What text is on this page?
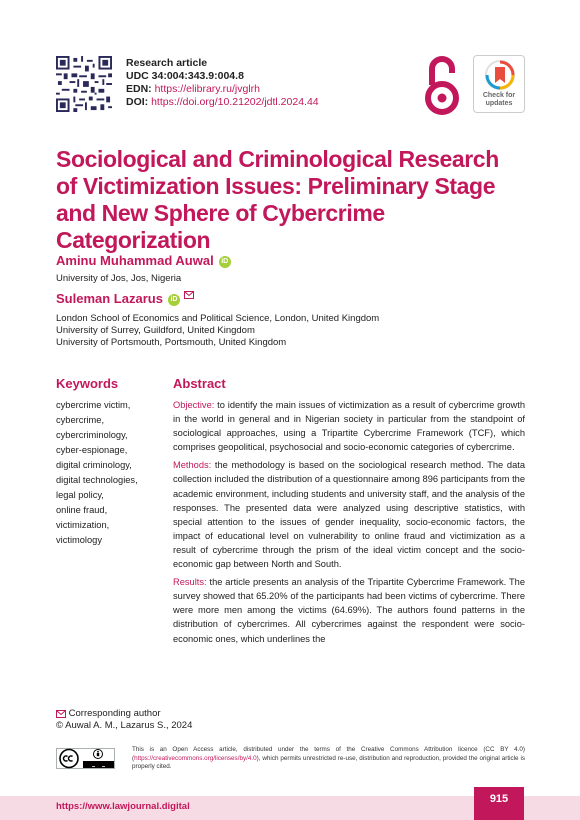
Research article
UDC 34:004:343.9:004.8
EDN: https://elibrary.ru/jvglrh
DOI: https://doi.org/10.21202/jdtl.2024.44
Check for
updates
Sociological and Criminological Research
of Victimization Issues: Preliminary Stage
and New Sphere of Cybercrime Categorization
Aminu Muhammad Auwal iD
University of Jos, Jos, Nigeria
Suleman Lazarus iD
London School of Economics and Political Science, London, United Kingdom
University of Surrey, Guildford, United Kingdom
University of Portsmouth, Portsmouth, United Kingdom
Keywords
cybercrime victim,
cybercrime,
cybercriminology,
cyber-espionage,
digital criminology,
digital technologies,
legal policy,
online fraud,
victimization,
victimology
Abstract

Objective: to identify the main issues of victimization as a result of cybercrime growth in the world in general and in Nigerian society in particular from the standpoint of sociological approaches, using a Tripartite Cybercrime Framework (TCF), which comprises geopolitical, psychosocial and socio-economic categories of cybercrime.

Methods: the methodology is based on the sociological research method. The data collection included the distribution of a questionnaire among 896 participants from the academic environment, including students and university staff, and the analysis of the responses. The presented data were analyzed using descriptive statistics, with special attention to the issues of gender inequality, socio-economic factors, the impact of educational level on vulnerability to online fraud and victimization as a result of cybercrime through the prism of the ideal victim concept and the socio-economic gap between North and South.

Results: the article presents an analysis of the Tripartite Cybercrime Framework. The survey showed that 65.20% of the participants had been victims of cybercrime. There were more men among the victims (64.69%). The authors found patterns in the distribution of cybercrimes. All cybercrimes against the respondent were socio-economic ones, which underlines the

Corresponding author
© Auwal A. M., Lazarus S., 2024
This is an Open Access article, distributed under the terms of the Creative Commons Attribution licence (CC BY 4.0) (https://creativecommons.org/licenses/by/4.0), which permits unrestricted re-use, distribution and reproduction, provided the original article is properly cited.
https://www.lawjournal.digital
915
